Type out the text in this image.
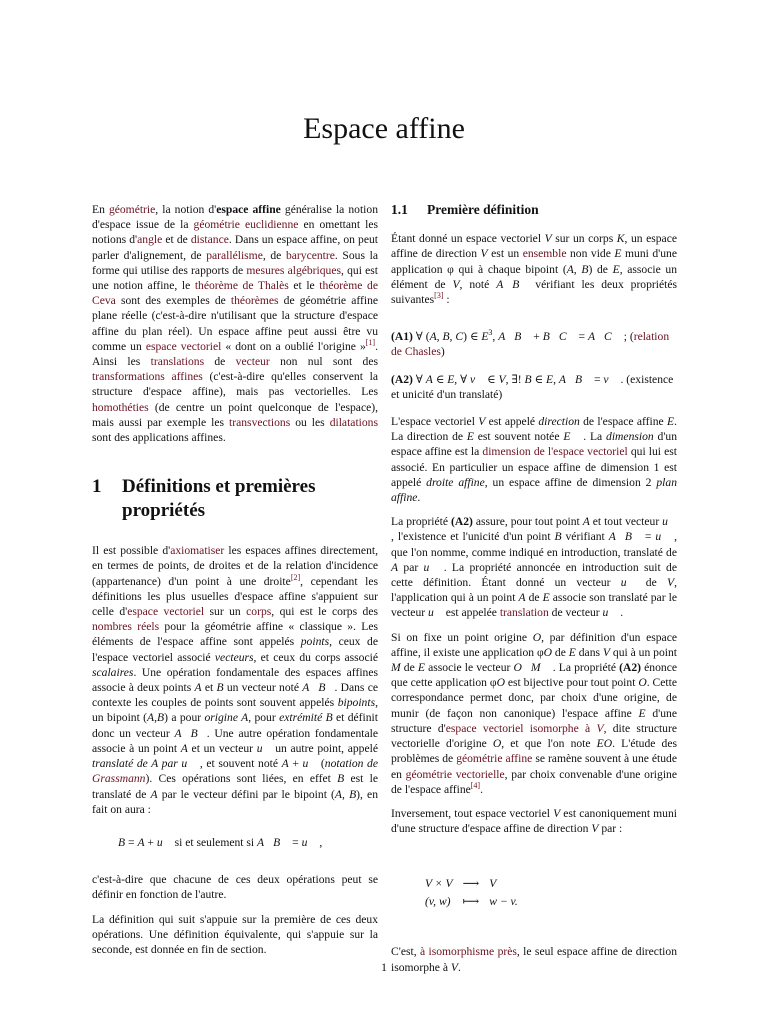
Espace affine

En géométrie, la notion d'espace affine généralise la notion d'espace issue de la géométrie euclidienne en omettant les notions d'angle et de distance. Dans un espace affine, on peut parler d'alignement, de parallélisme, de barycentre. Sous la forme qui utilise des rapports de mesures algébriques, qui est une notion affine, le théorème de Thalès et le théorème de Ceva sont des exemples de théorèmes de géométrie affine plane réelle (c'est-à-dire n'utilisant que la structure d'espace affine du plan réel). Un espace affine peut aussi être vu comme un espace vectoriel « dont on a oublié l'origine »[1]. Ainsi les translations de vecteur non nul sont des transformations affines (c'est-à-dire qu'elles conservent la structure d'espace affine), mais pas vectorielles. Les homothéties (de centre un point quelconque de l'espace), mais aussi par exemple les transvections ou les dilatations sont des applications affines.

1	Définitions et premières propriétés

Il est possible d'axiomatiser les espaces affines directement, en termes de points, de droites et de la relation d'incidence (appartenance) d'un point à une droite[2], cependant les définitions les plus usuelles d'espace affine s'appuient sur celle d'espace vectoriel sur un corps, qui est le corps des nombres réels pour la géométrie affine « classique ». Les éléments de l'espace affine sont appelés points, ceux de l'espace vectoriel associé vecteurs, et ceux du corps associé scalaires. Une opération fondamentale des espaces affines associe à deux points A et B un vecteur noté A⃗B⃗. Dans ce contexte les couples de points sont souvent appelés bipoints, un bipoint (A,B) a pour origine A, pour extrémité B et définit donc un vecteur A⃗B⃗. Une autre opération fondamentale associe à un point A et un vecteur u⃗ un autre point, appelé translaté de A par u⃗ , et souvent noté A + u⃗ (notation de Grassmann). Ces opérations sont liées, en effet B est le translaté de A par le vecteur défini par le bipoint (A, B), en fait on aura :

B = A + u⃗ si et seulement si A⃗B⃗ = u⃗ ,

c'est-à-dire que chacune de ces deux opérations peut se définir en fonction de l'autre.

La définition qui suit s'appuie sur la première de ces deux opérations. Une définition équivalente, qui s'appuie sur la seconde, est donnée en fin de section.

1.1	Première définition

Étant donné un espace vectoriel V sur un corps K, un espace affine de direction V est un ensemble non vide E muni d'une application φ qui à chaque bipoint (A, B) de E, associe un élément de V, noté A⃗B⃗ vérifiant les deux propriétés suivantes[3] :

(A1) ∀ (A, B, C) ∈ $E^3$, A⃗B⃗ + B⃗C⃗ = A⃗C⃗ ; (relation de Chasles)

(A2) ∀ A ∈ E, ∀ v⃗ ∈ V, ∃! B ∈ E, A⃗B⃗ = v⃗ . (existence et unicité d'un translaté)

L'espace vectoriel V est appelé direction de l'espace affine E. La direction de E est souvent notée E⃗ . La dimension d'un espace affine est la dimension de l'espace vectoriel qui lui est associé. En particulier un espace affine de dimension 1 est appelé droite affine, un espace affine de dimension 2 plan affine.

La propriété (A2) assure, pour tout point A et tout vecteur u⃗ , l'existence et l'unicité d'un point B vérifiant A⃗B⃗ = u⃗ , que l'on nomme, comme indiqué en introduction, translaté de A par u⃗ . La propriété annoncée en introduction suit de cette définition. Étant donné un vecteur u⃗ de V, l'application qui à un point A de E associe son translaté par le vecteur u⃗ est appelée translation de vecteur u⃗ .

Si on fixe un point origine O, par définition d'un espace affine, il existe une application φO de E dans V qui à un point M de E associe le vecteur O⃗M⃗ . La propriété (A2) énonce que cette application φO est bijective pour tout point O. Cette correspondance permet donc, par choix d'une origine, de munir (de façon non canonique) l'espace affine E d'une structure d'espace vectoriel isomorphe à V, dite structure vectorielle d'origine O, et que l'on note EO. L'étude des problèmes de géométrie affine se ramène souvent à une étude en géométrie vectorielle, par choix convenable d'une origine de l'espace affine[4].

Inversement, tout espace vectoriel V est canoniquement muni d'une structure d'espace affine de direction V par :

V × V	⟶	V
(v, w)	⟼	w − v.

C'est, à isomorphisme près, le seul espace affine de direction isomorphe à V.

1
